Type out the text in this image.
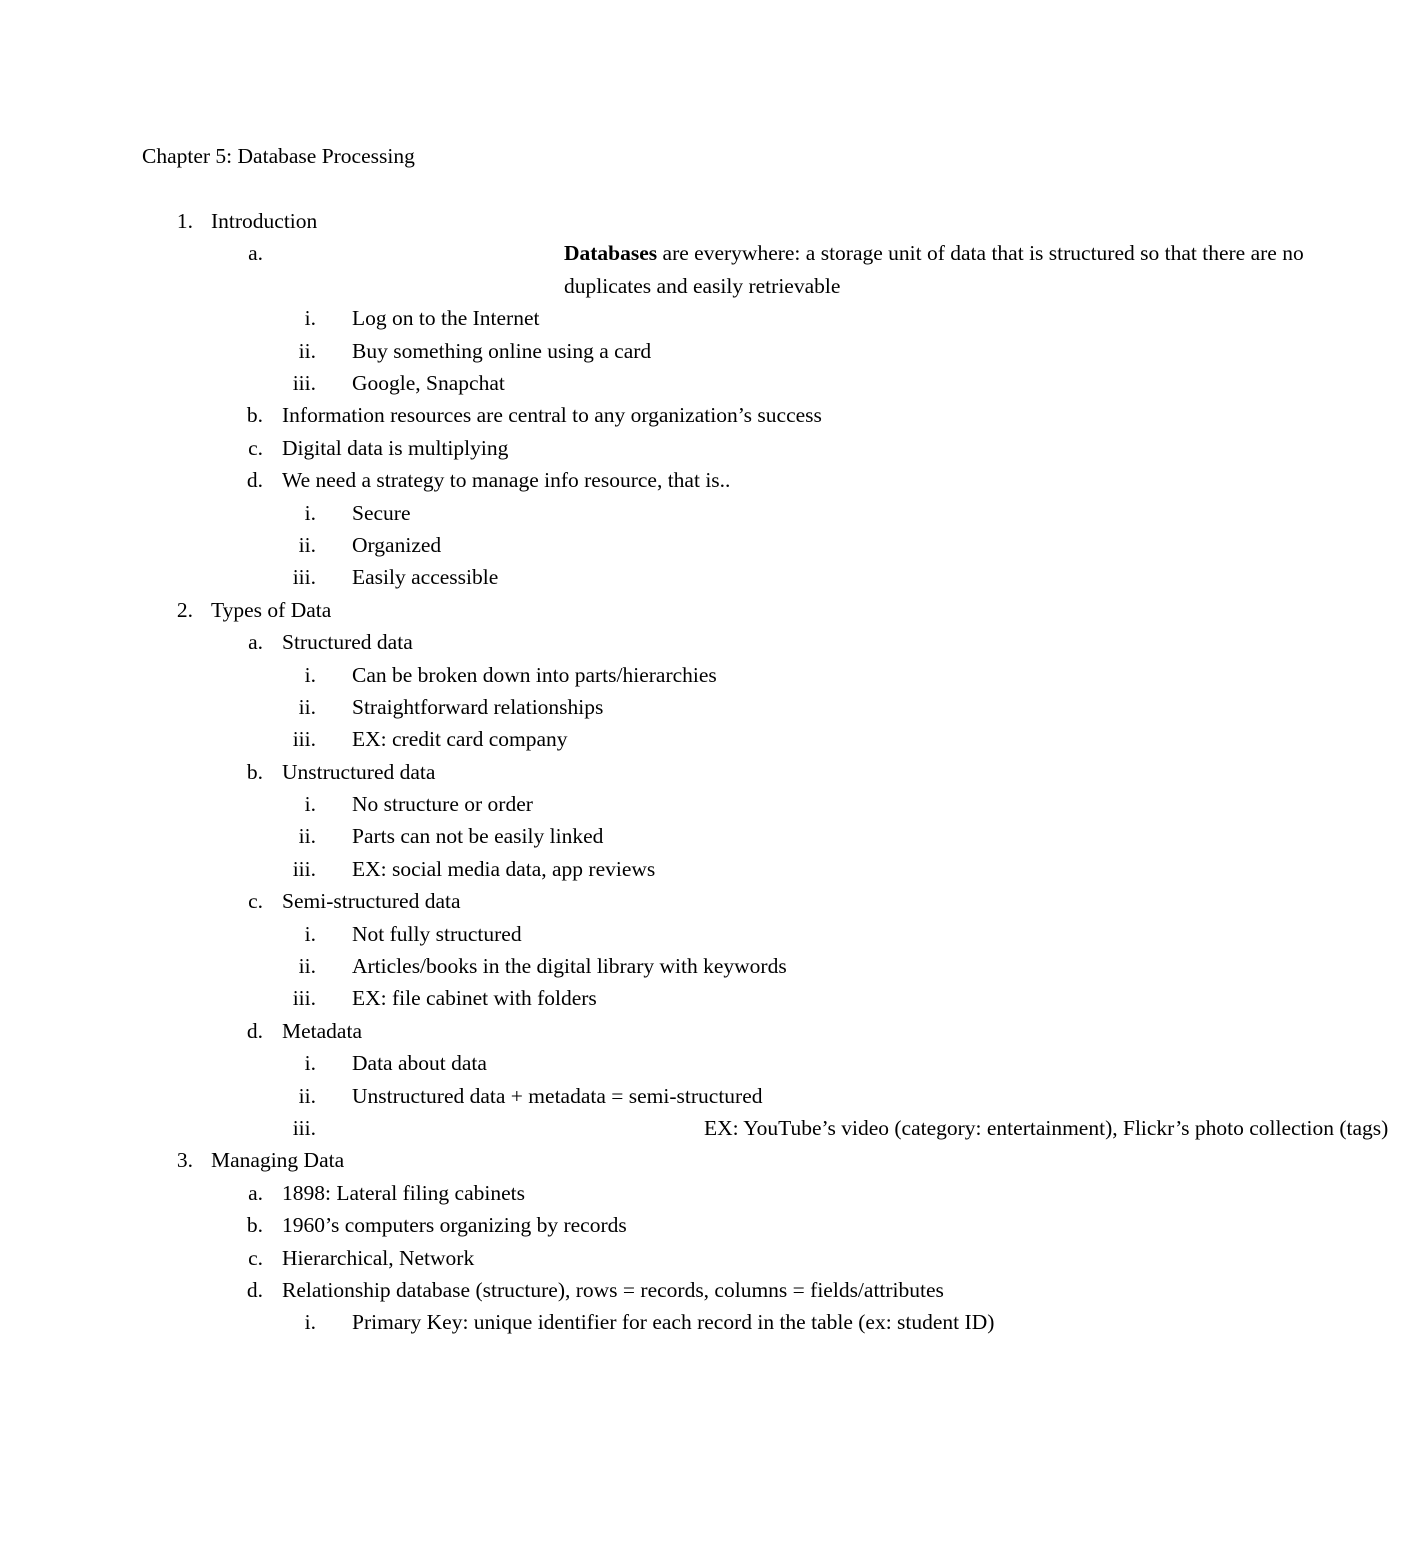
Chapter 5: Database Processing
1. Introduction
a.	Databases are everywhere: a storage unit of data that is structured so that there are no duplicates and easily retrievable
i. Log on to the Internet
ii. Buy something online using a card
iii. Google, Snapchat
b. Information resources are central to any organization’s success
c. Digital data is multiplying
d. We need a strategy to manage info resource, that is..
i. Secure
ii. Organized
iii. Easily accessible
2. Types of Data
a. Structured data
i. Can be broken down into parts/hierarchies
ii. Straightforward relationships
iii. EX: credit card company
b. Unstructured data
i. No structure or order
ii. Parts can not be easily linked
iii. EX: social media data, app reviews
c. Semi-structured data
i. Not fully structured
ii. Articles/books in the digital library with keywords
iii. EX: file cabinet with folders
d. Metadata
i. Data about data
ii. Unstructured data + metadata = semi-structured
iii.	EX: YouTube’s video (category: entertainment), Flickr’s photo collection (tags)
3. Managing Data
a. 1898: Lateral filing cabinets
b. 1960’s computers organizing by records
c. Hierarchical, Network
d. Relationship database (structure), rows = records, columns = fields/attributes
i. Primary Key: unique identifier for each record in the table (ex: student ID)
